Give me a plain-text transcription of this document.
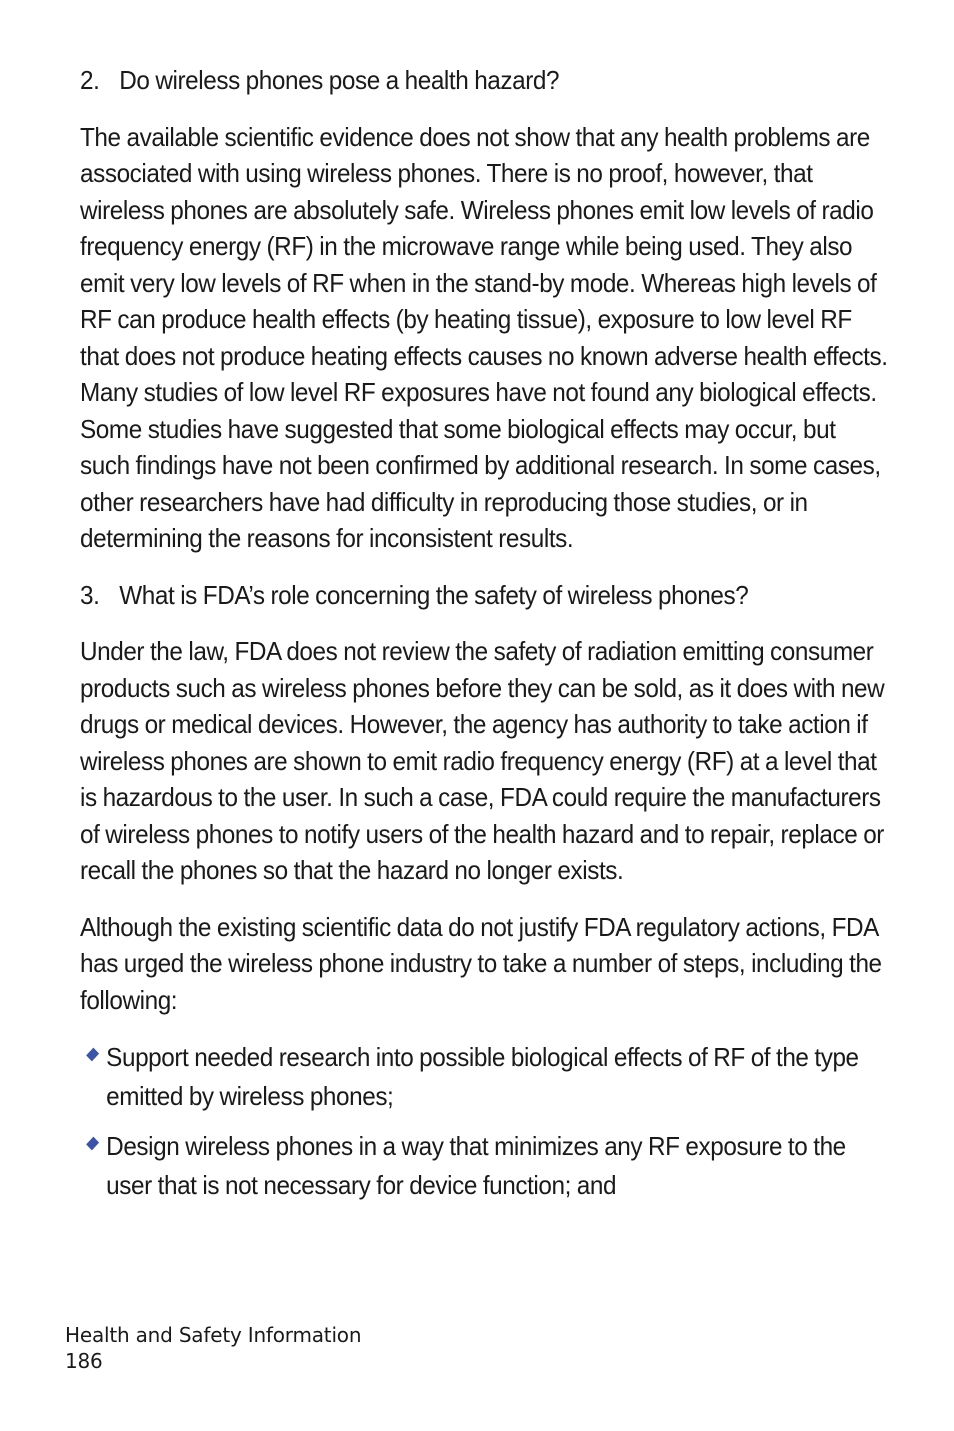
2. Do wireless phones pose a health hazard?

The available scientific evidence does not show that any health problems are associated with using wireless phones. There is no proof, however, that wireless phones are absolutely safe. Wireless phones emit low levels of radio frequency energy (RF) in the microwave range while being used. They also emit very low levels of RF when in the stand-by mode. Whereas high levels of RF can produce health effects (by heating tissue), exposure to low level RF that does not produce heating effects causes no known adverse health effects. Many studies of low level RF exposures have not found any biological effects. Some studies have suggested that some biological effects may occur, but such findings have not been confirmed by additional research. In some cases, other researchers have had difficulty in reproducing those studies, or in determining the reasons for inconsistent results.

3. What is FDA’s role concerning the safety of wireless phones?

Under the law, FDA does not review the safety of radiation emitting consumer products such as wireless phones before they can be sold, as it does with new drugs or medical devices. However, the agency has authority to take action if wireless phones are shown to emit radio frequency energy (RF) at a level that is hazardous to the user. In such a case, FDA could require the manufacturers of wireless phones to notify users of the health hazard and to repair, replace or recall the phones so that the hazard no longer exists.

Although the existing scientific data do not justify FDA regulatory actions, FDA has urged the wireless phone industry to take a number of steps, including the following:

Support needed research into possible biological effects of RF of the type emitted by wireless phones;
Design wireless phones in a way that minimizes any RF exposure to the user that is not necessary for device function; and
Health and Safety Information
186
